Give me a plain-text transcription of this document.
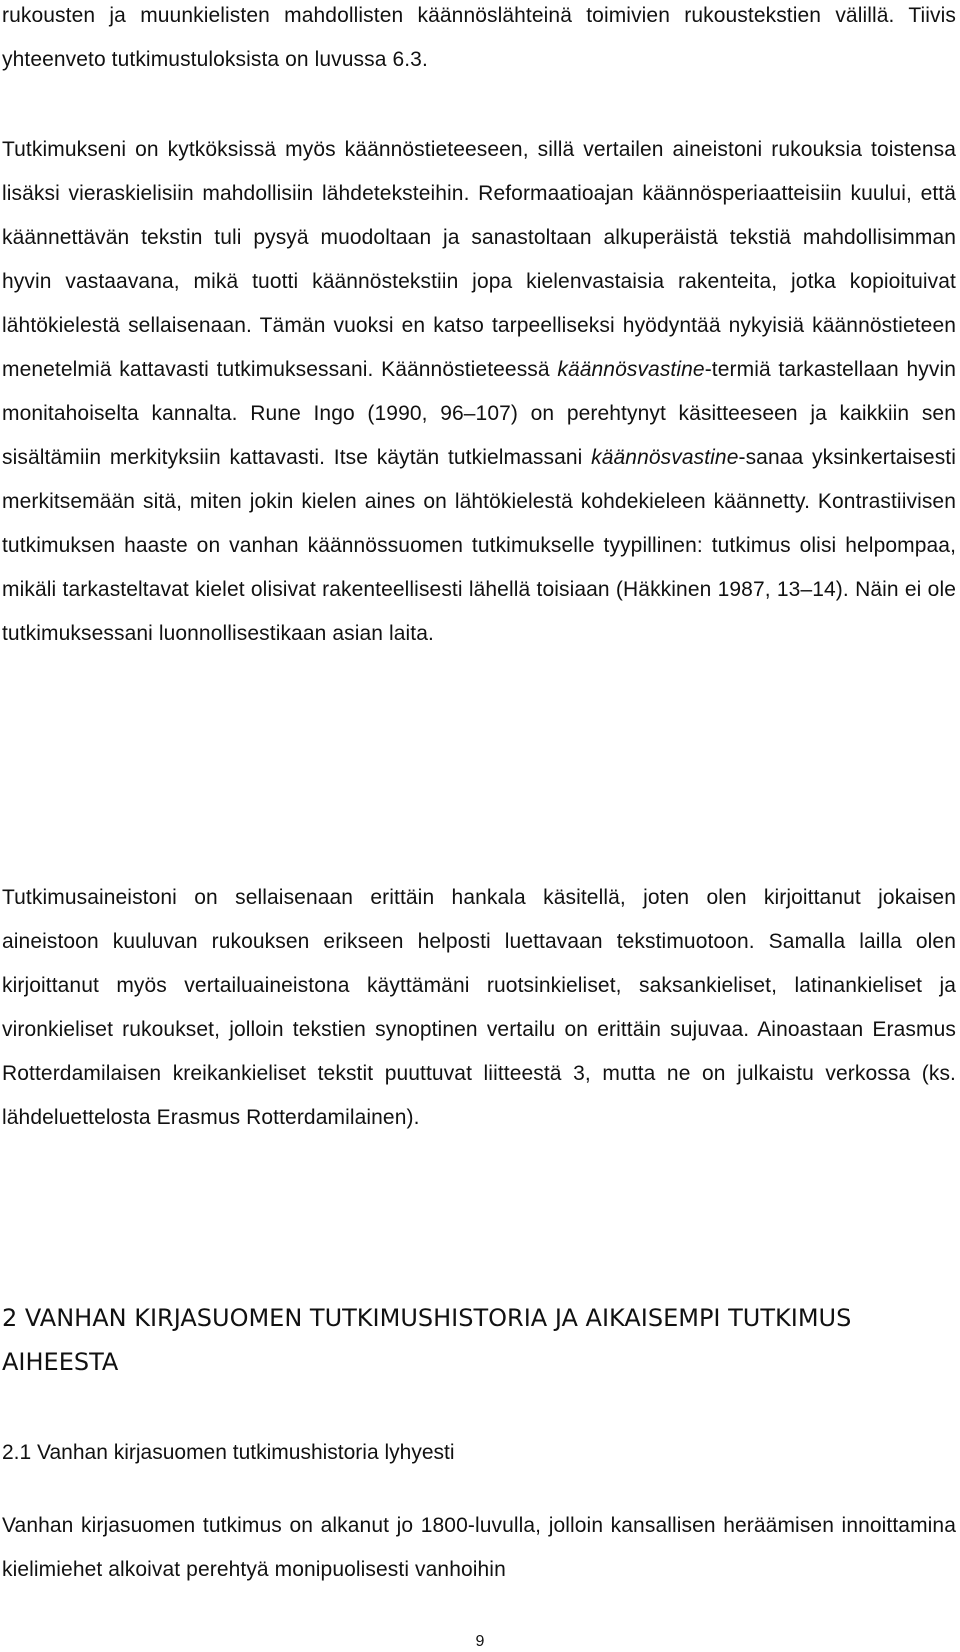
rukousten ja muunkielisten mahdollisten käännöslähteinä toimivien rukoustekstien välillä. Tiivis yhteenveto tutkimustuloksista on luvussa 6.3.

Tutkimukseni on kytköksissä myös käännöstieteeseen, sillä vertailen aineistoni rukouksia toistensa lisäksi vieraskielisiin mahdollisiin lähdeteksteihin. Reformaatioajan käännösperiaatteisiin kuului, että käännettävän tekstin tuli pysyä muodoltaan ja sanastoltaan alkuperäistä tekstiä mahdollisimman hyvin vastaavana, mikä tuotti käännöstekstiin jopa kielenvastaisia rakenteita, jotka kopioituivat lähtökielestä sellaisenaan. Tämän vuoksi en katso tarpeelliseksi hyödyntää nykyisiä käännöstieteen menetelmiä kattavasti tutkimuksessani. Käännöstieteessä käännösvastine-termiä tarkastellaan hyvin monitahoiselta kannalta. Rune Ingo (1990, 96–107) on perehtynyt käsitteeseen ja kaikkiin sen sisältämiin merkityksiin kattavasti. Itse käytän tutkielmassani käännösvastine-sanaa yksinkertaisesti merkitsemään sitä, miten jokin kielen aines on lähtökielestä kohdekieleen käännetty. Kontrastiivisen tutkimuksen haaste on vanhan käännössuomen tutkimukselle tyypillinen: tutkimus olisi helpompaa, mikäli tarkasteltavat kielet olisivat rakenteellisesti lähellä toisiaan (Häkkinen 1987, 13–14). Näin ei ole tutkimuksessani luonnollisestikaan asian laita.

Tutkimusaineistoni on sellaisenaan erittäin hankala käsitellä, joten olen kirjoittanut jokaisen aineistoon kuuluvan rukouksen erikseen helposti luettavaan tekstimuotoon. Samalla lailla olen kirjoittanut myös vertailuaineistona käyttämäni ruotsinkieliset, saksankieliset, latinankieliset ja vironkieliset rukoukset, jolloin tekstien synoptinen vertailu on erittäin sujuvaa. Ainoastaan Erasmus Rotterdamilaisen kreikankieliset tekstit puuttuvat liitteestä 3, mutta ne on julkaistu verkossa (ks. lähdeluettelosta Erasmus Rotterdamilainen).

2 VANHAN KIRJASUOMEN TUTKIMUSHISTORIA JA AIKAISEMPI TUTKIMUS AIHEESTA
2.1 Vanhan kirjasuomen tutkimushistoria lyhyesti

Vanhan kirjasuomen tutkimus on alkanut jo 1800-luvulla, jolloin kansallisen heräämisen innoittamina kielimiehet alkoivat perehtyä monipuolisesti vanhoihin

9
